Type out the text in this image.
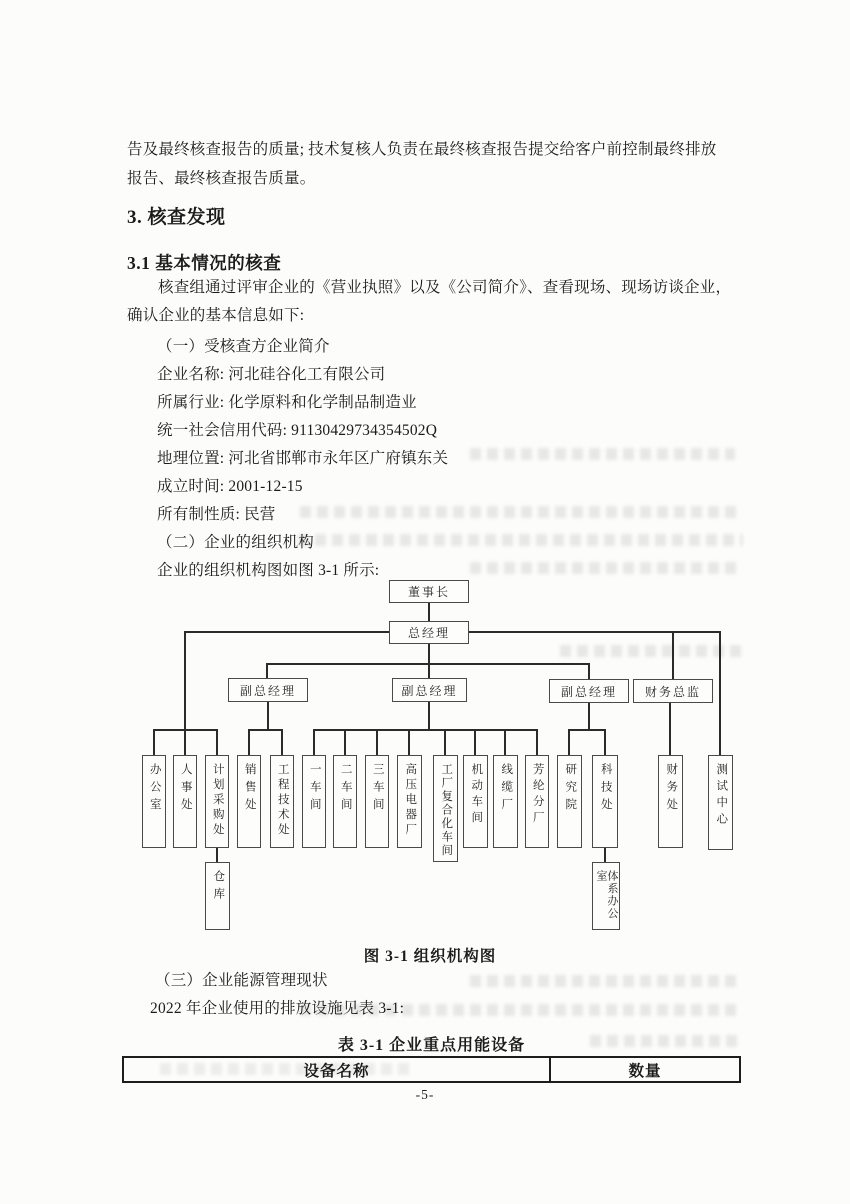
告及最终核查报告的质量; 技术复核人负责在最终核查报告提交给客户前控制最终排放
报告、最终核查报告质量。
3. 核查发现
3.1 基本情况的核查
核查组通过评审企业的《营业执照》以及《公司简介》、查看现场、现场访谈企业，
确认企业的基本信息如下:
（一）受核查方企业简介
企业名称: 河北硅谷化工有限公司
所属行业: 化学原料和化学制品制造业
统一社会信用代码: 91130429734354502Q
地理位置: 河北省邯郸市永年区广府镇东关
成立时间: 2001-12-15
所有制性质: 民营
（二）企业的组织机构
企业的组织机构图如图 3-1 所示:
董事长
总经理
副总经理	副总经理	副总经理	财务总监
办公室 人事处 计划采购处
仓库
销售处 工程技术处 一车间 二车间 三车间 高压电器厂 工厂复合化车间 机动车间 线缆厂 芳纶分厂 研究院 科技处
体系办公室
财务处	测试中心
图 3-1 组织机构图
（三）企业能源管理现状
2022 年企业使用的排放设施见表 3-1:
表 3-1 企业重点用能设备
设备名称	数量
-5-
